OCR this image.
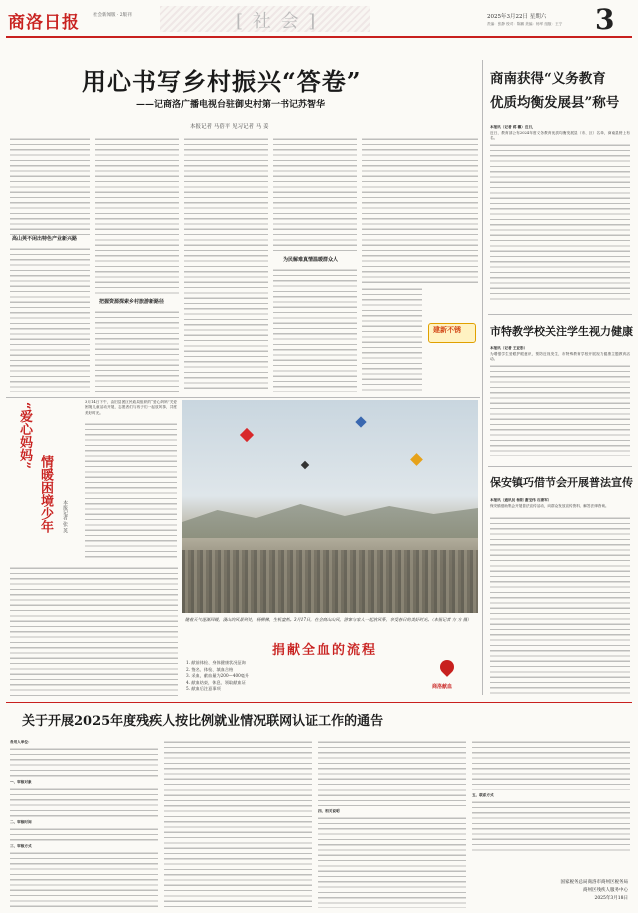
商洛日报	社会新闻版 · 2版刊	[ 社 会 ]	2025年3月22日 星期六
责编：张静 校对：陈鹏 美编：杨军 组版：王宁 3
用心书写乡村振兴“答卷”
——记商洛广播电视台驻御史村第一书记苏智华
本报记者 马蓓平 见习记者 马 姜
高山荚不闲出特色产业新兴路
把握资源探索乡村旅游新路径
为民解难真情温暖群众人
建新不锈
商南获得“义务教育
优质均衡发展县”称号
本报讯（记者 蒋 馨）近日，
近日，教育部公布2024年度义务教育优质均衡发展县（市、区）名单，商南县榜上有名。
市特教学校关注学生视力健康
本报讯（记者 王亚彤）
为增强学生爱眼护眼意识，预防近视发生，市特殊教育学校开展视力健康主题教育活动。
保安镇巧借节会开展普法宣传
本报讯（通讯员 杨阳 谢宝伟 石康军）
保安镇借助集会开展普法宣传活动，向群众发放宣传资料、解答法律咨询。
“爱心妈妈”
情暖困境少年	本报记者 张 英
3月14日下午，由旧县团区民政局组织的“爱心妈妈”关爱困境儿童活动开展，志愿者们与孩子们一起放风筝，共度美好时光。
随着天气逐渐回暖，漫山的风景到处，杨柳拂，生机盎然。3月17日，在全商山山风，游客与家人一起放风筝，享受春日的美好时光。（本报记者 方 方 摄）
捐献全血的流程
1. 献前体检、身体健康状况征询
2. 签名、体检、填血合格
3. 采血，献血量为200—400毫升
4. 献血结束，休息、领取献血证
5. 献血后注意事项	商洛献血
关于开展2025年度残疾人按比例就业情况联网认证工作的通告
各用人单位：
一、审核对象
二、审核时间
三、审核方式
四、相关说明
五、联系方式
国家税务总局商洛市商州区税务局
商州区残疾人服务中心
2025年3月18日
